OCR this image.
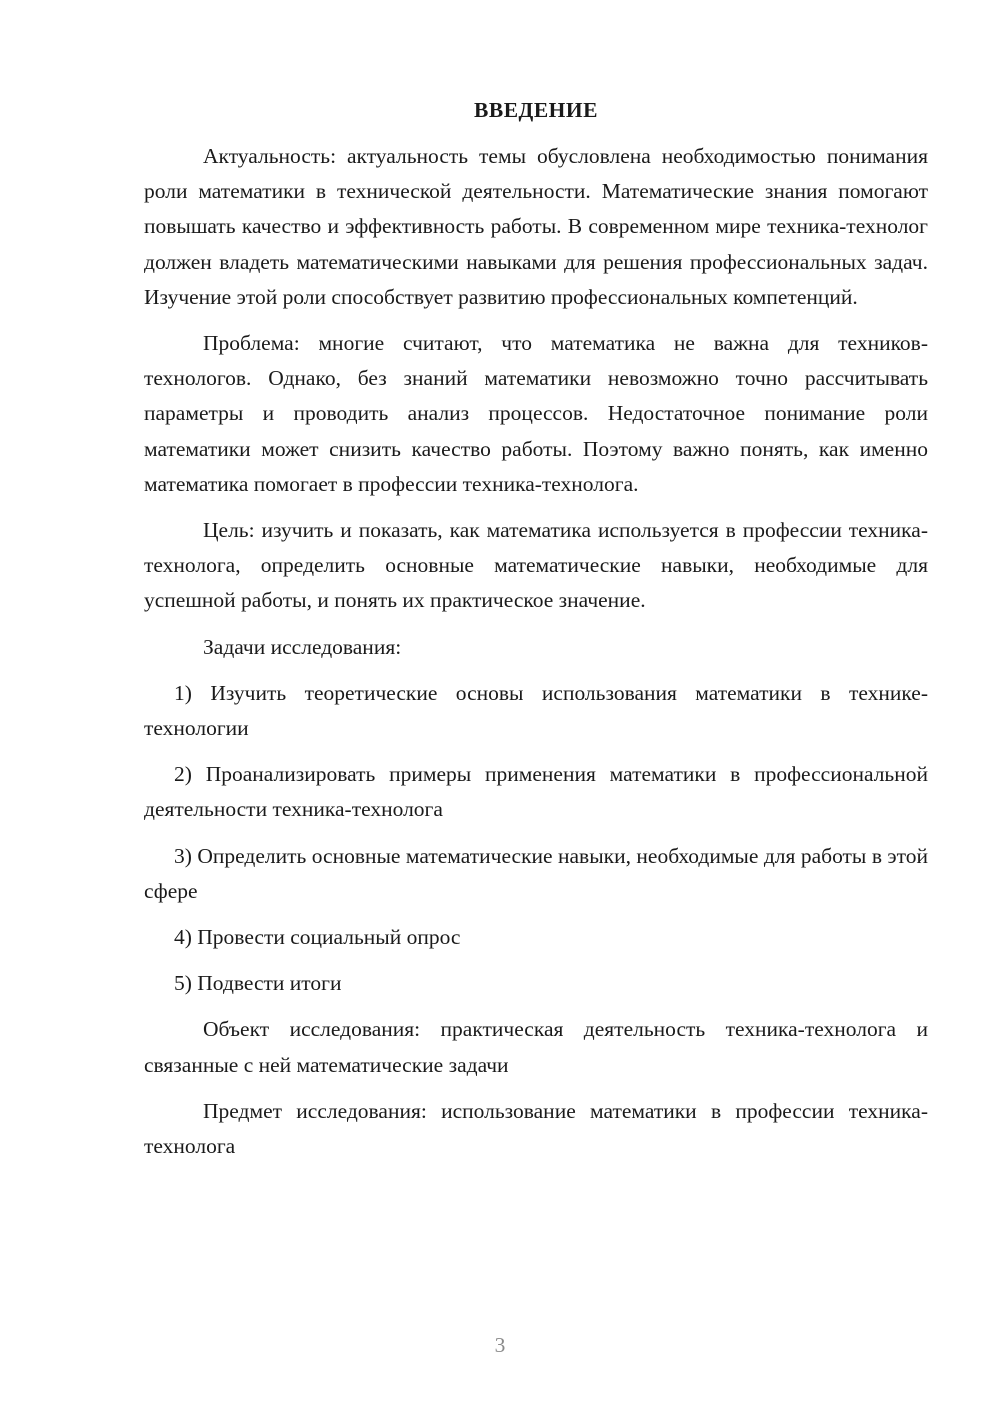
ВВЕДЕНИЕ

Актуальность: актуальность темы обусловлена необходимостью понимания роли математики в технической деятельности. Математические знания помогают повышать качество и эффективность работы. В современном мире техника-технолог должен владеть математическими навыками для решения профессиональных задач. Изучение этой роли способствует развитию профессиональных компетенций.

Проблема: многие считают, что математика не важна для техников-технологов. Однако, без знаний математики невозможно точно рассчитывать параметры и проводить анализ процессов. Недостаточное понимание роли математики может снизить качество работы. Поэтому важно понять, как именно математика помогает в профессии техника-технолога.

Цель: изучить и показать, как математика используется в профессии техника-технолога, определить основные математические навыки, необходимые для успешной работы, и понять их практическое значение.

Задачи исследования:

1) Изучить теоретические основы использования математики в технике-технологии

2) Проанализировать примеры применения математики в профессиональной деятельности техника-технолога

3) Определить основные математические навыки, необходимые для работы в этой сфере

4) Провести социальный опрос

5) Подвести итоги

Объект исследования: практическая деятельность техника-технолога и связанные с ней математические задачи

Предмет исследования: использование математики в профессии техника-технолога

3
